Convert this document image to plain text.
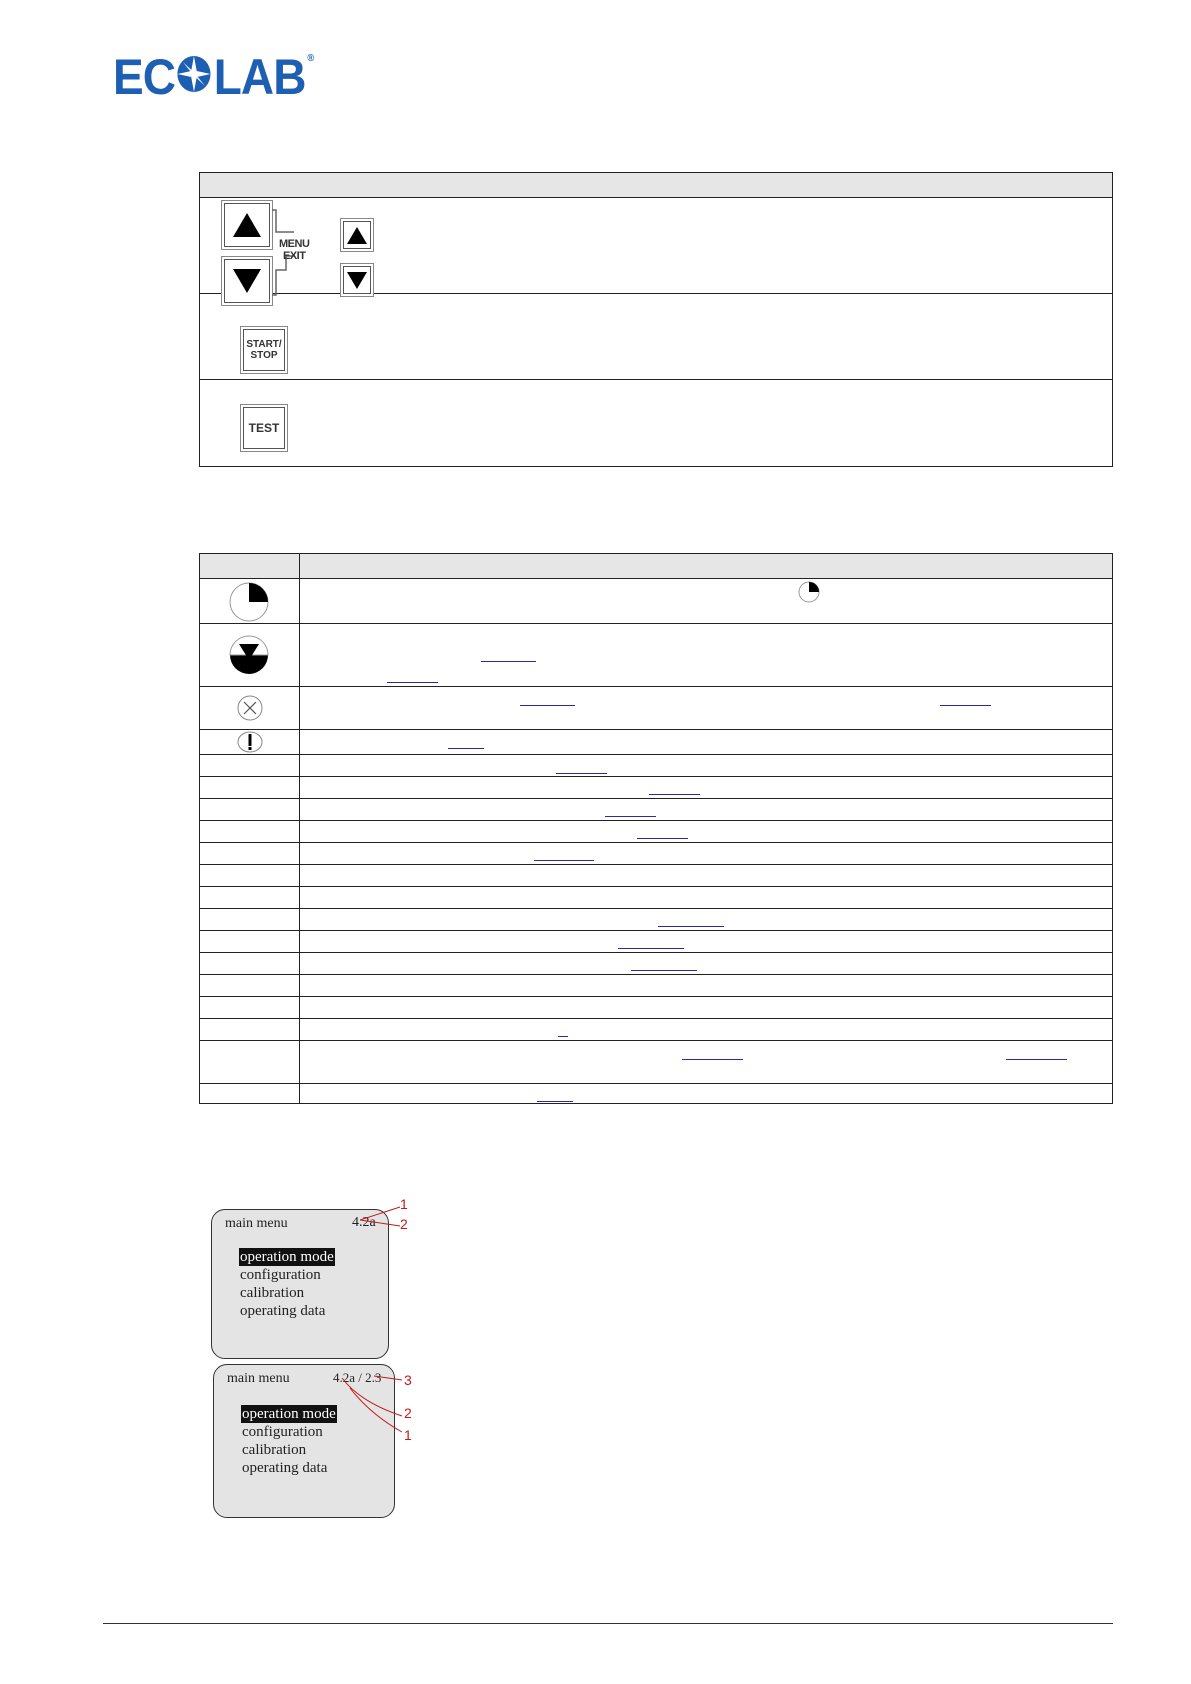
EC LAB ®
MENU
EXIT
START/
STOP
TEST
main menu	4.2a
operation mode
configuration
calibration
operating data
1
2
main menu	4.2a / 2.3
operation mode
configuration
calibration
operating data
3
2
1
